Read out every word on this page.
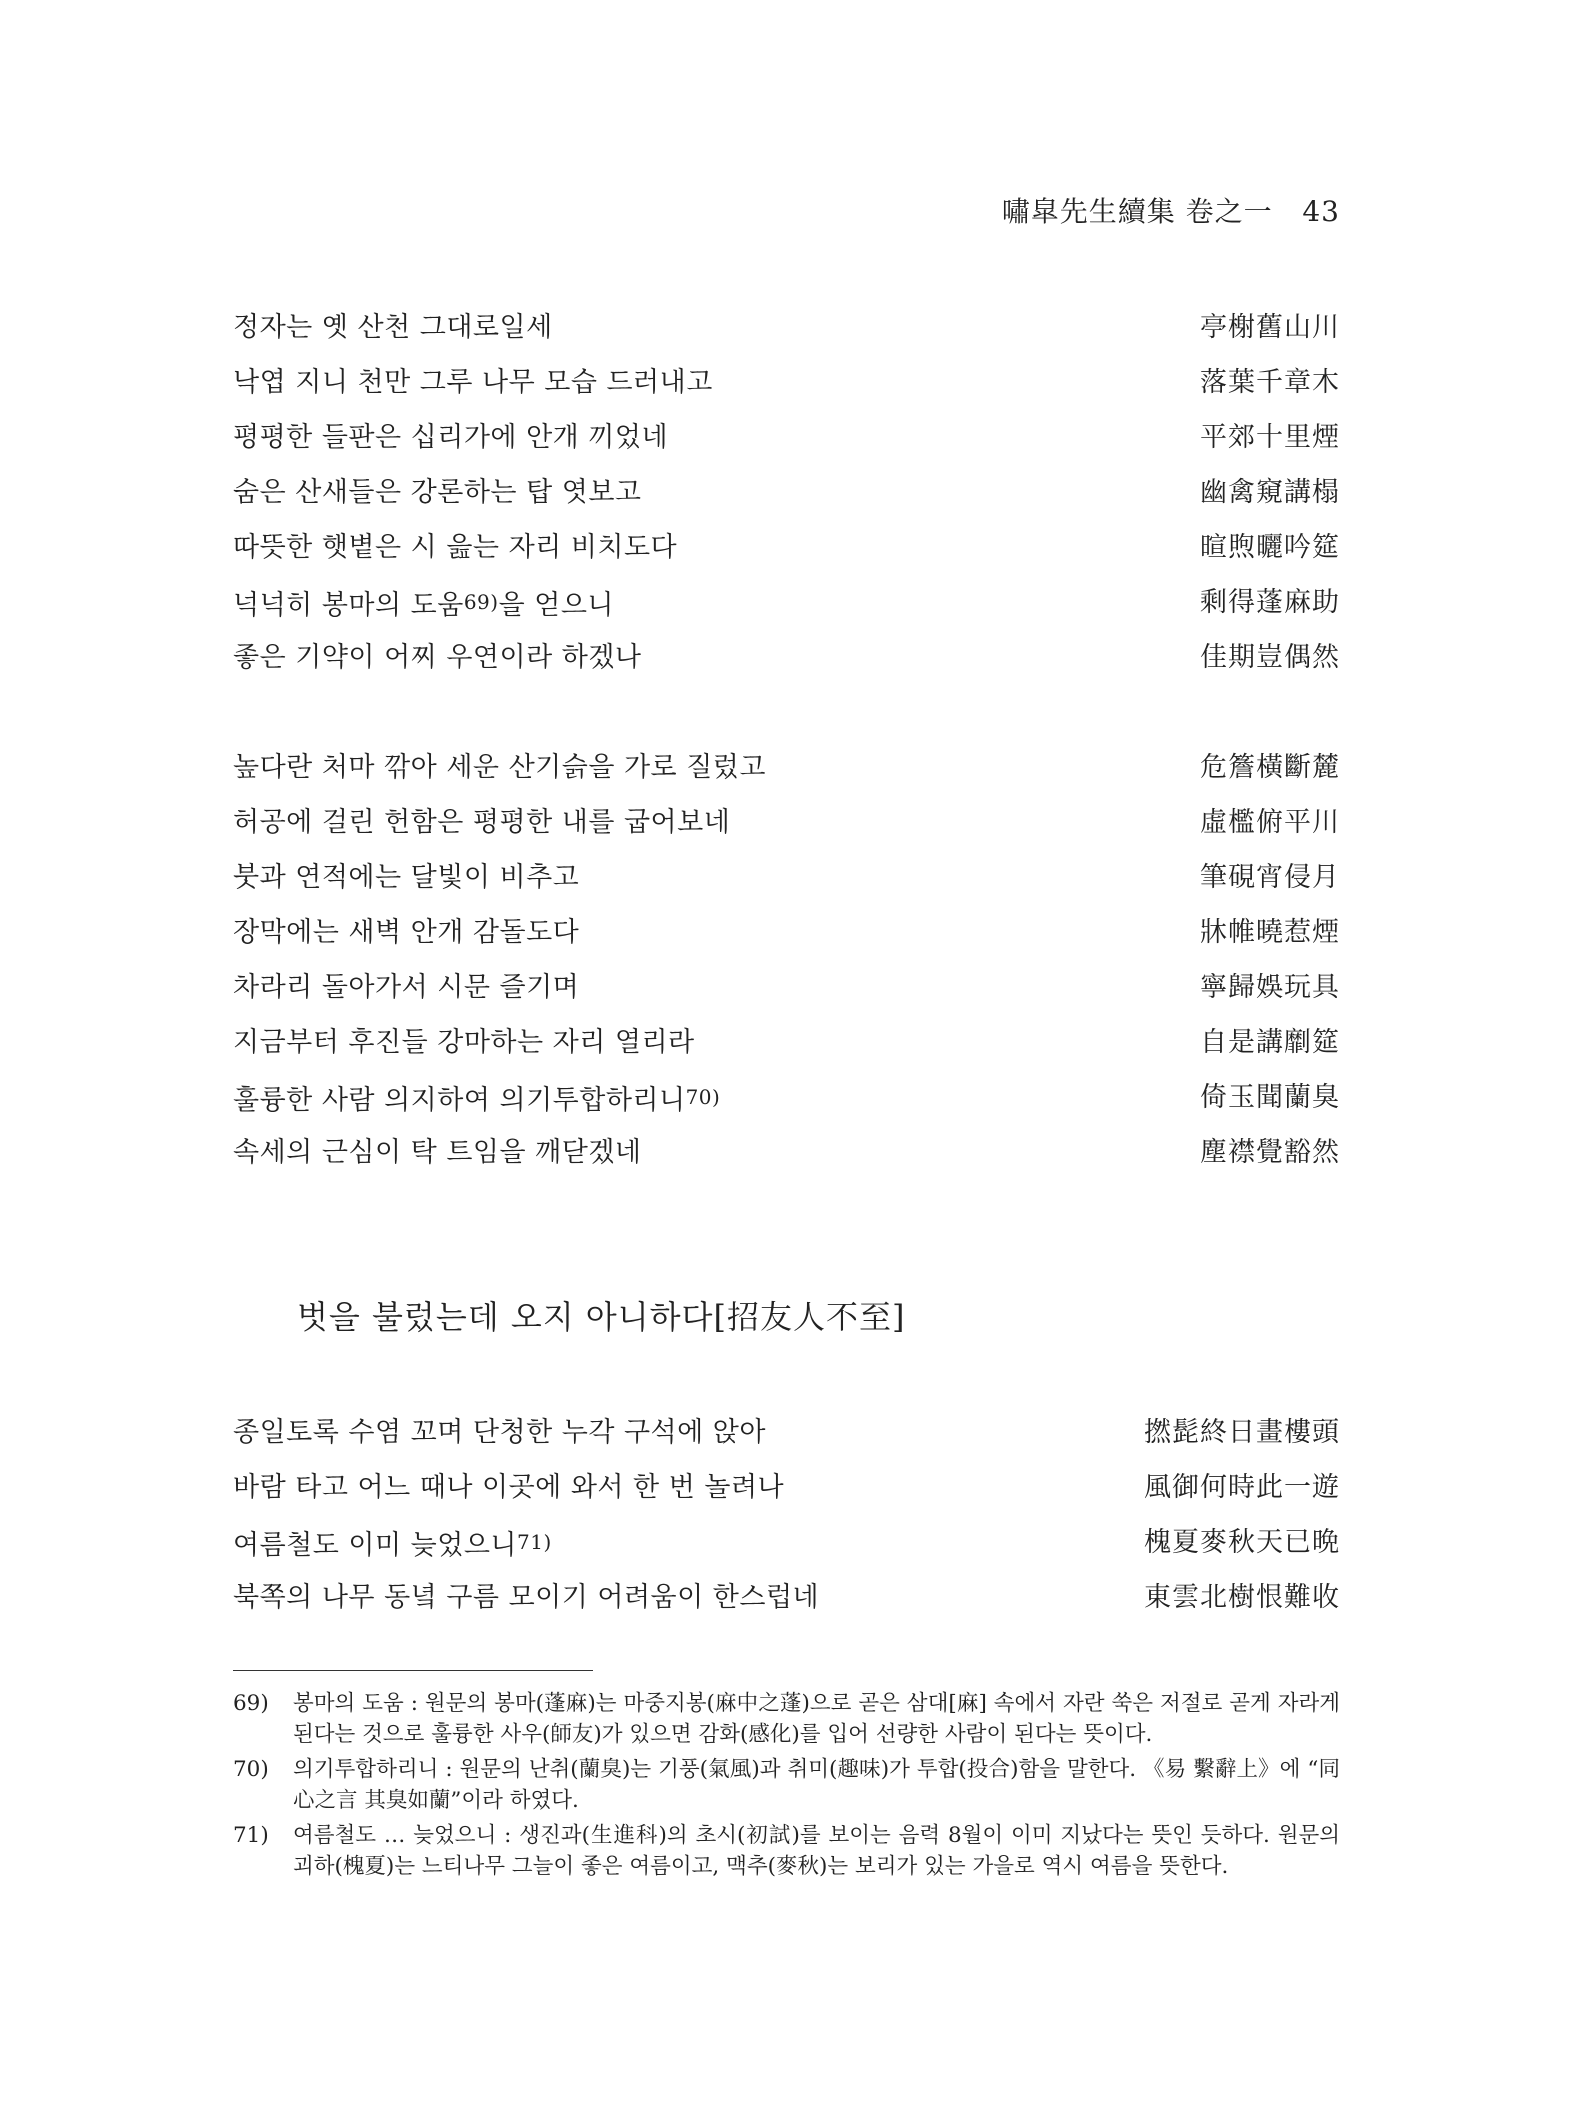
嘯皐先生續集 卷之一 43
정자는 옛 산천 그대로일세	亭榭舊山川
낙엽 지니 천만 그루 나무 모습 드러내고	落葉千章木
평평한 들판은 십리가에 안개 끼었네	平郊十里煙
숨은 산새들은 강론하는 탑 엿보고	幽禽窺講榻
따뜻한 햇볕은 시 읊는 자리 비치도다	暄煦曬吟筵
넉넉히 봉마의 도움69)을 얻으니	剩得蓬麻助
좋은 기약이 어찌 우연이라 하겠나	佳期豈偶然
높다란 처마 깎아 세운 산기슭을 가로 질렀고	危簷橫斷麓
허공에 걸린 헌함은 평평한 내를 굽어보네	虛檻俯平川
붓과 연적에는 달빛이 비추고	筆硯宵侵月
장막에는 새벽 안개 감돌도다	牀帷曉惹煙
차라리 돌아가서 시문 즐기며	寧歸娛玩具
지금부터 후진들 강마하는 자리 열리라	自是講劘筵
훌륭한 사람 의지하여 의기투합하리니70)	倚玉聞蘭臭
속세의 근심이 탁 트임을 깨닫겠네	塵襟覺豁然
벗을 불렀는데 오지 아니하다[招友人不至]
종일토록 수염 꼬며 단청한 누각 구석에 앉아	撚髭終日畫樓頭
바람 타고 어느 때나 이곳에 와서 한 번 놀려나	風御何時此一遊
여름철도 이미 늦었으니71)	槐夏麥秋天已晩
북쪽의 나무 동녘 구름 모이기 어려움이 한스럽네	東雲北樹恨難收
69)	봉마의 도움 : 원문의 봉마(蓬麻)는 마중지봉(麻中之蓬)으로 곧은 삼대[麻] 속에서 자란 쑥은 저절로 곧게 자라게 된다는 것으로 훌륭한 사우(師友)가 있으면 감화(感化)를 입어 선량한 사람이 된다는 뜻이다.
70)	의기투합하리니 : 원문의 난취(蘭臭)는 기풍(氣風)과 취미(趣味)가 투합(投合)함을 말한다. 《易 繫辭上》에 “同心之言 其臭如蘭”이라 하였다.
71)	여름철도 … 늦었으니 : 생진과(生進科)의 초시(初試)를 보이는 음력 8월이 이미 지났다는 뜻인 듯하다. 원문의 괴하(槐夏)는 느티나무 그늘이 좋은 여름이고, 맥추(麥秋)는 보리가 있는 가을로 역시 여름을 뜻한다.
